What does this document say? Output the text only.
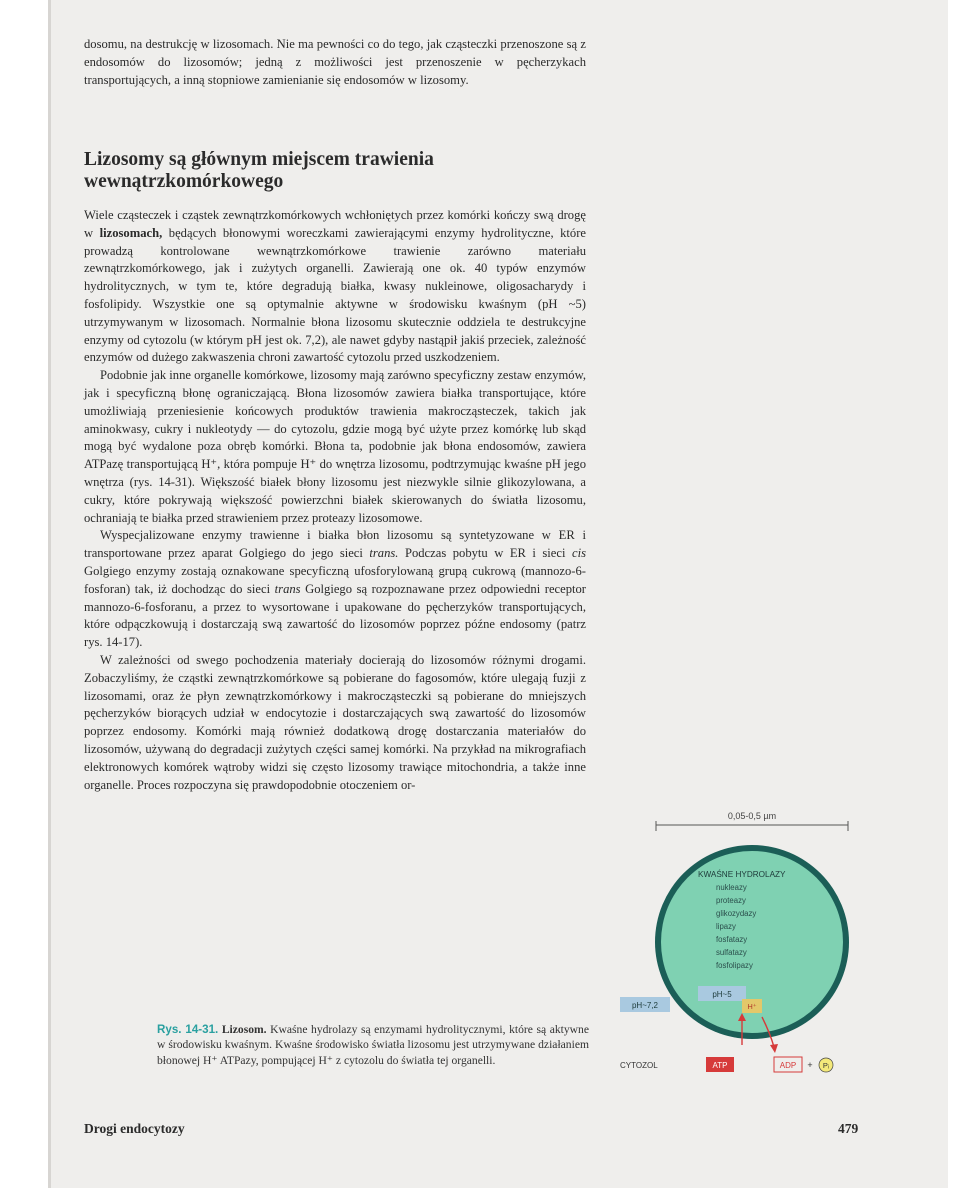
dosomu, na destrukcję w lizosomach. Nie ma pewności co do tego, jak cząsteczki przenoszone są z endosomów do lizosomów; jedną z możliwości jest przenoszenie w pęcherzykach transportujących, a inną stopniowe zamienianie się endosomów w lizosomy.

Lizosomy są głównym miejscem trawienia
wewnątrzkomórkowego

Wiele cząsteczek i cząstek zewnątrzkomórkowych wchłoniętych przez komórki kończy swą drogę w lizosomach, będących błonowymi woreczkami zawierającymi enzymy hydrolityczne, które prowadzą kontrolowane wewnątrzkomórkowe trawienie zarówno materiału zewnątrzkomórkowego, jak i zużytych organelli. Zawierają one ok. 40 typów enzymów hydrolitycznych, w tym te, które degradują białka, kwasy nukleinowe, oligosacharydy i fosfolipidy. Wszystkie one są optymalnie aktywne w środowisku kwaśnym (pH ~5) utrzymywanym w lizosomach. Normalnie błona lizosomu skutecznie oddziela te destrukcyjne enzymy od cytozolu (w którym pH jest ok. 7,2), ale nawet gdyby nastąpił jakiś przeciek, zależność enzymów od dużego zakwaszenia chroni zawartość cytozolu przed uszkodzeniem.

Podobnie jak inne organelle komórkowe, lizosomy mają zarówno specyficzny zestaw enzymów, jak i specyficzną błonę ograniczającą. Błona lizosomów zawiera białka transportujące, które umożliwiają przeniesienie końcowych produktów trawienia makrocząsteczek, takich jak aminokwasy, cukry i nukleotydy — do cytozolu, gdzie mogą być użyte przez komórkę lub skąd mogą być wydalone poza obręb komórki. Błona ta, podobnie jak błona endosomów, zawiera ATPazę transportującą H⁺, która pompuje H⁺ do wnętrza lizosomu, podtrzymując kwaśne pH jego wnętrza (rys. 14-31). Większość białek błony lizosomu jest niezwykle silnie glikozylowana, a cukry, które pokrywają większość powierzchni białek skierowanych do światła lizosomu, ochraniają te białka przed strawieniem przez proteazy lizosomowe.

Wyspecjalizowane enzymy trawienne i białka błon lizosomu są syntetyzowane w ER i transportowane przez aparat Golgiego do jego sieci trans. Podczas pobytu w ER i sieci cis Golgiego enzymy zostają oznakowane specyficzną ufosforylowaną grupą cukrową (mannozo-6-fosforan) tak, iż dochodząc do sieci trans Golgiego są rozpoznawane przez odpowiedni receptor mannozo-6-fosforanu, a przez to wysortowane i upakowane do pęcherzyków transportujących, które odpączkowują i dostarczają swą zawartość do lizosomów poprzez późne endosomy (patrz rys. 14-17).

W zależności od swego pochodzenia materiały docierają do lizosomów różnymi drogami. Zobaczyliśmy, że cząstki zewnątrzkomórkowe są pobierane do fagosomów, które ulegają fuzji z lizosomami, oraz że płyn zewnątrzkomórkowy i makrocząsteczki są pobierane do mniejszych pęcherzyków biorących udział w endocytozie i dostarczających swą zawartość do lizosomów poprzez endosomy. Komórki mają również dodatkową drogę dostarczania materiałów do lizosomów, używaną do degradacji zużytych części samej komórki. Na przykład na mikrografiach elektronowych komórek wątroby widzi się często lizosomy trawiące mitochondria, a także inne organelle. Proces rozpoczyna się prawdopodobnie otoczeniem or-

0,05-0,5 µm
KWAŚNE HYDROLAZY
nukleazy
proteazy
glikozydazy
lipazy
fosfatazy
sulfatazy
fosfolipazy
pH~5
H⁺
pH~7,2
CYTOZOL	ATP	ADP + Pᵢ
Rys. 14-31. Lizosom. Kwaśne hydrolazy są enzymami hydrolitycznymi, które są aktywne w środowisku kwaśnym. Kwaśne środowisko światła lizosomu jest utrzymywane działaniem błonowej H⁺ ATPazy, pompującej H⁺ z cytozolu do światła tej organelli.
Drogi endocytozy	479
